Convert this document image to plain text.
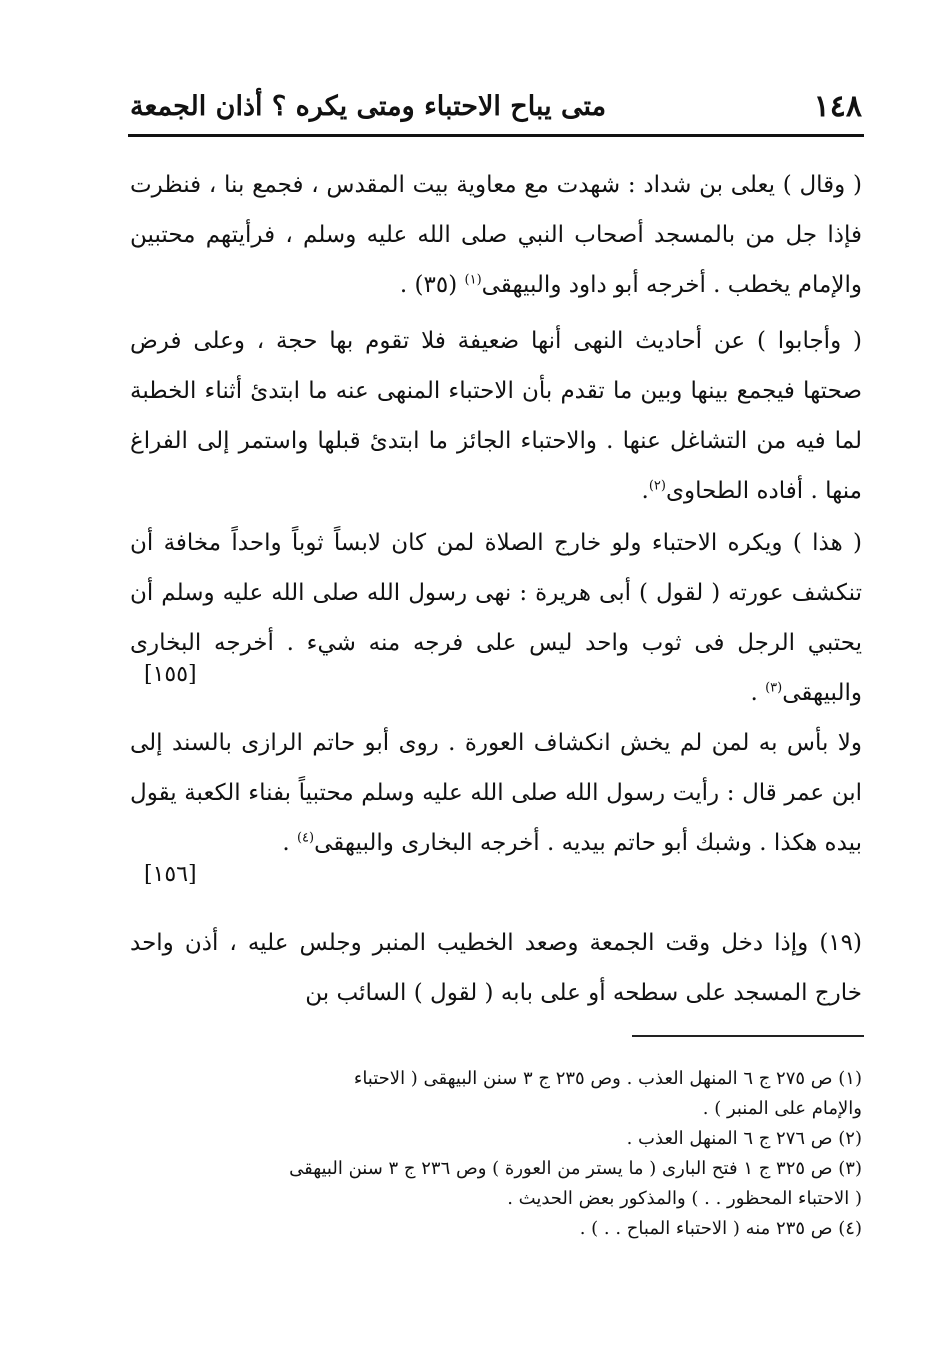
١٤٨
متى يباح الاحتباء ومتى يكره ؟ أذان الجمعة

( وقال ) يعلى بن شداد : شهدت مع معاوية بيت المقدس ، فجمع بنا ، فنظرت فإذا جل من بالمسجد أصحاب النبي صلى الله عليه وسلم ، فرأيتهم محتبين والإمام يخطب . أخرجه أبو داود والبيهقى$^{(١)}$ (٣٥) .

( وأجابوا ) عن أحاديث النهى أنها ضعيفة فلا تقوم بها حجة ، وعلى فرض صحتها فيجمع بينها وبين ما تقدم بأن الاحتباء المنهى عنه ما ابتدئ أثناء الخطبة لما فيه من التشاغل عنها . والاحتباء الجائز ما ابتدئ قبلها واستمر إلى الفراغ منها . أفاده الطحاوى$^{(٢)}$.

( هذا ) ويكره الاحتباء ولو خارج الصلاة لمن كان لابساً ثوباً واحداً مخافة أن تنكشف عورته ( لقول ) أبى هريرة : نهى رسول الله صلى الله عليه وسلم أن يحتبي الرجل فى ثوب واحد ليس على فرجه منه شيء . أخرجه البخارى والبيهقى$^{(٣)}$ .

[١٥٥]

ولا بأس به لمن لم يخش انكشاف العورة . روى أبو حاتم الرازى بالسند إلى ابن عمر قال : رأيت رسول الله صلى الله عليه وسلم محتبياً بفناء الكعبة يقول بيده هكذا . وشبك أبو حاتم بيديه . أخرجه البخارى والبيهقى$^{(٤)}$ .

[١٥٦]

(١٩) وإذا دخل وقت الجمعة وصعد الخطيب المنبر وجلس عليه ، أذن واحد خارج المسجد على سطحه أو على بابه ( لقول ) السائب بن

(١) ص ٢٧٥ ج ٦ المنهل العذب . وص ٢٣٥ ج ٣ سنن البيهقى ( الاحتباء
والإمام على المنبر ) .
(٢) ص ٢٧٦ ج ٦ المنهل العذب .
(٣) ص ٣٢٥ ج ١ فتح البارى ( ما يستر من العورة ) وص ٢٣٦ ج ٣ سنن البيهقى
( الاحتباء المحظور . . ) والمذكور بعض الحديث .
(٤) ص ٢٣٥ منه ( الاحتباء المباح . . ) .
